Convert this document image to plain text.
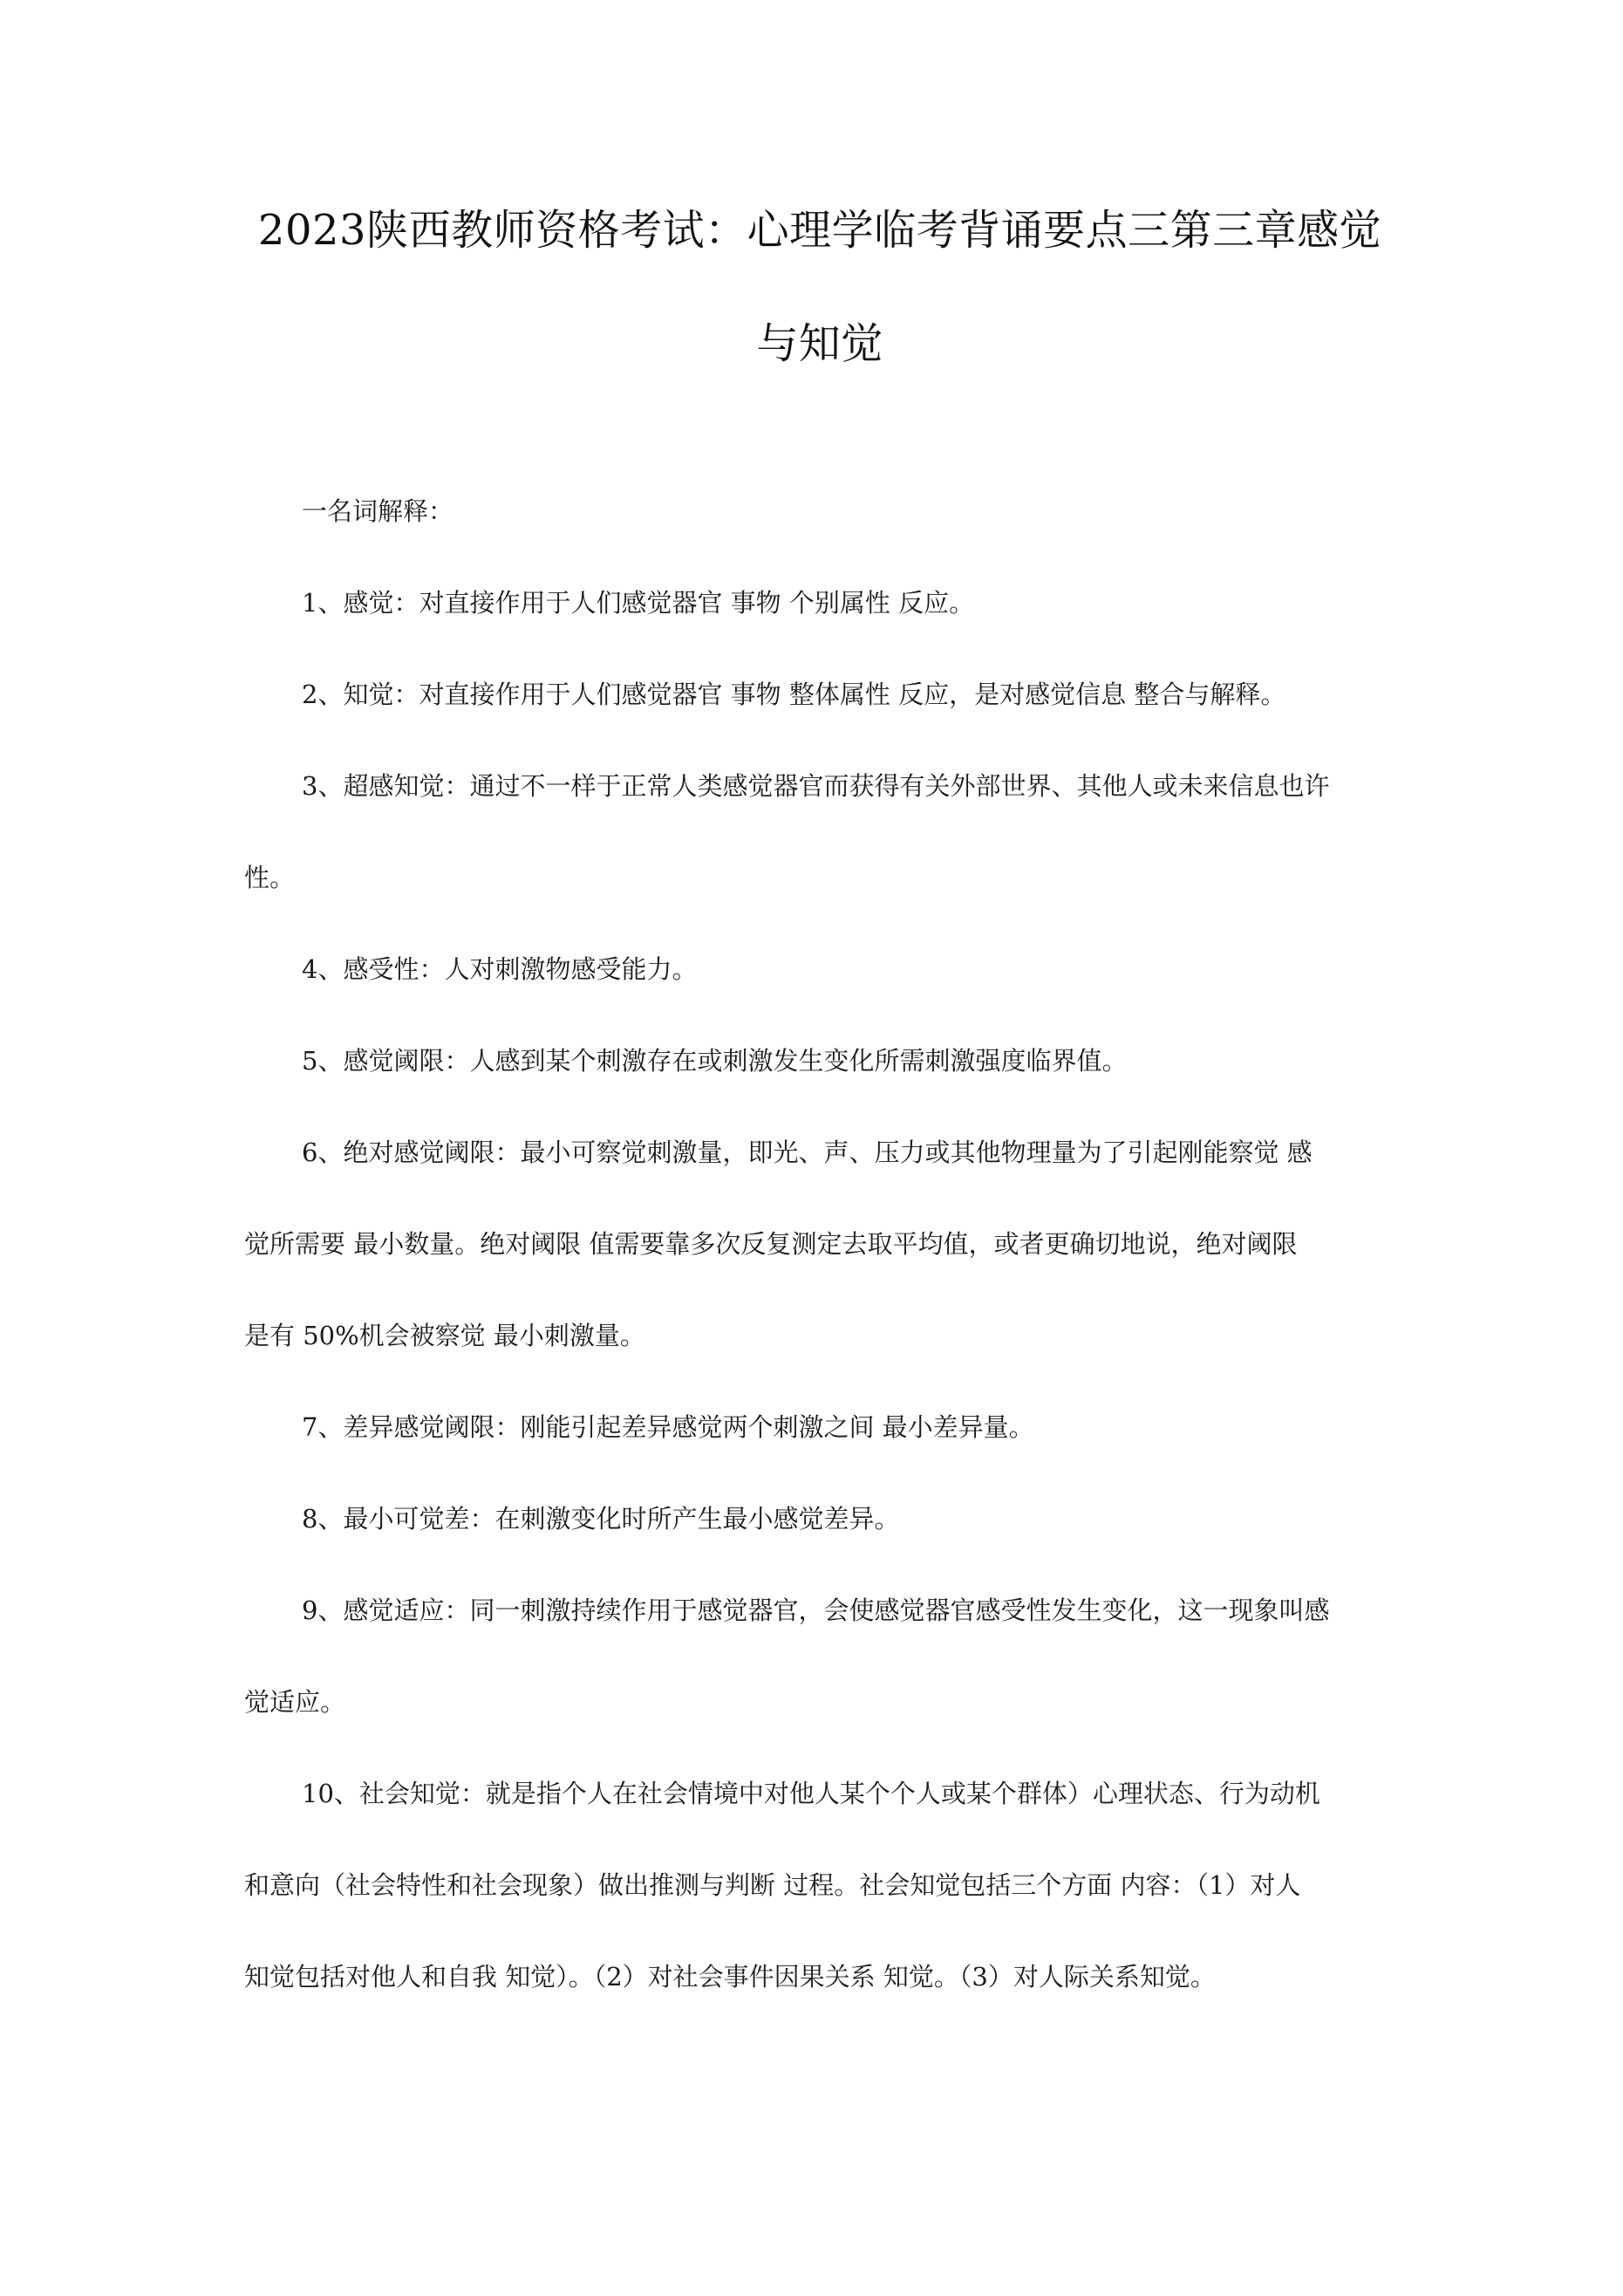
2023陕西教师资格考试：心理学临考背诵要点三第三章感觉
与知觉

一名词解释：

1、感觉：对直接作用于人们感觉器官 事物 个别属性 反应。

2、知觉：对直接作用于人们感觉器官 事物 整体属性 反应，是对感觉信息 整合与解释。

3、超感知觉：通过不一样于正常人类感觉器官而获得有关外部世界、其他人或未来信息也许

性。

4、感受性：人对刺激物感受能力。

5、感觉阈限：人感到某个刺激存在或刺激发生变化所需刺激强度临界值。

6、绝对感觉阈限：最小可察觉刺激量，即光、声、压力或其他物理量为了引起刚能察觉 感

觉所需要 最小数量。绝对阈限 值需要靠多次反复测定去取平均值，或者更确切地说，绝对阈限

是有 50%机会被察觉 最小刺激量。

7、差异感觉阈限：刚能引起差异感觉两个刺激之间 最小差异量。

8、最小可觉差：在刺激变化时所产生最小感觉差异。

9、感觉适应：同一刺激持续作用于感觉器官，会使感觉器官感受性发生变化，这一现象叫感

觉适应。

10、社会知觉：就是指个人在社会情境中对他人某个个人或某个群体）心理状态、行为动机

和意向（社会特性和社会现象）做出推测与判断 过程。社会知觉包括三个方面 内容：（1）对人

知觉包括对他人和自我 知觉）。（2）对社会事件因果关系 知觉。（3）对人际关系知觉。
